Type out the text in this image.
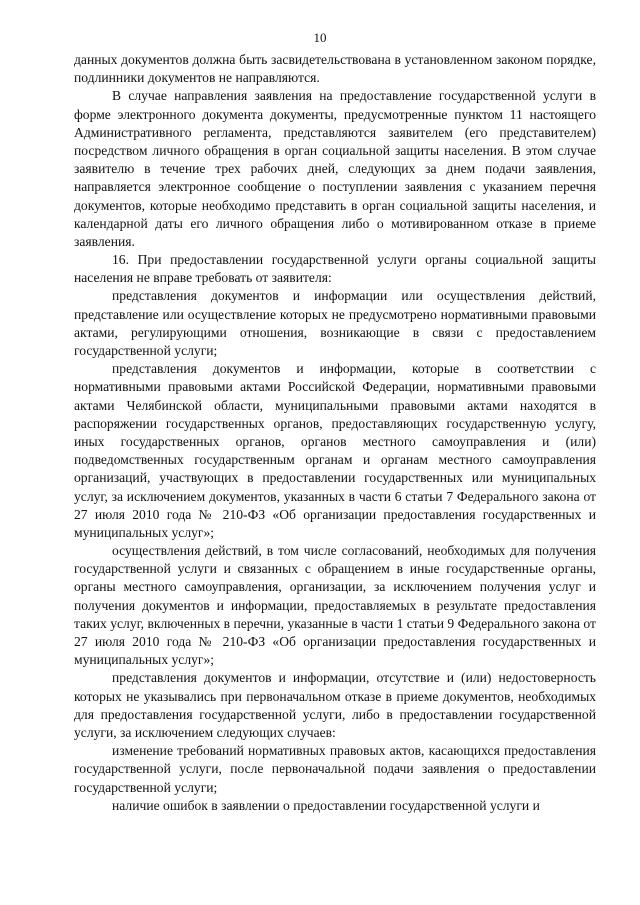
10

данных документов должна быть засвидетельствована в установленном законом порядке, подлинники документов не направляются.

В случае направления заявления на предоставление государственной услуги в форме электронного документа документы, предусмотренные пунктом 11 настоящего Административного регламента, представляются заявителем (его представителем) посредством личного обращения в орган социальной защиты населения. В этом случае заявителю в течение трех рабочих дней, следующих за днем подачи заявления, направляется электронное сообщение о поступлении заявления с указанием перечня документов, которые необходимо представить в орган социальной защиты населения, и календарной даты его личного обращения либо о мотивированном отказе в приеме заявления.

16. При предоставлении государственной услуги органы социальной защиты населения не вправе требовать от заявителя:

представления документов и информации или осуществления действий, представление или осуществление которых не предусмотрено нормативными правовыми актами, регулирующими отношения, возникающие в связи с предоставлением государственной услуги;

представления документов и информации, которые в соответствии с нормативными правовыми актами Российской Федерации, нормативными правовыми актами Челябинской области, муниципальными правовыми актами находятся в распоряжении государственных органов, предоставляющих государственную услугу, иных государственных органов, органов местного самоуправления и (или) подведомственных государственным органам и органам местного самоуправления организаций, участвующих в предоставлении государственных или муниципальных услуг, за исключением документов, указанных в части 6 статьи 7 Федерального закона от 27 июля 2010 года № 210-ФЗ «Об организации предоставления государственных и муниципальных услуг»;

осуществления действий, в том числе согласований, необходимых для получения государственной услуги и связанных с обращением в иные государственные органы, органы местного самоуправления, организации, за исключением получения услуг и получения документов и информации, предоставляемых в результате предоставления таких услуг, включенных в перечни, указанные в части 1 статьи 9 Федерального закона от 27 июля 2010 года № 210-ФЗ «Об организации предоставления государственных и муниципальных услуг»;

представления документов и информации, отсутствие и (или) недостоверность которых не указывались при первоначальном отказе в приеме документов, необходимых для предоставления государственной услуги, либо в предоставлении государственной услуги, за исключением следующих случаев:

изменение требований нормативных правовых актов, касающихся предоставления государственной услуги, после первоначальной подачи заявления о предоставлении государственной услуги;

наличие ошибок в заявлении о предоставлении государственной услуги и
